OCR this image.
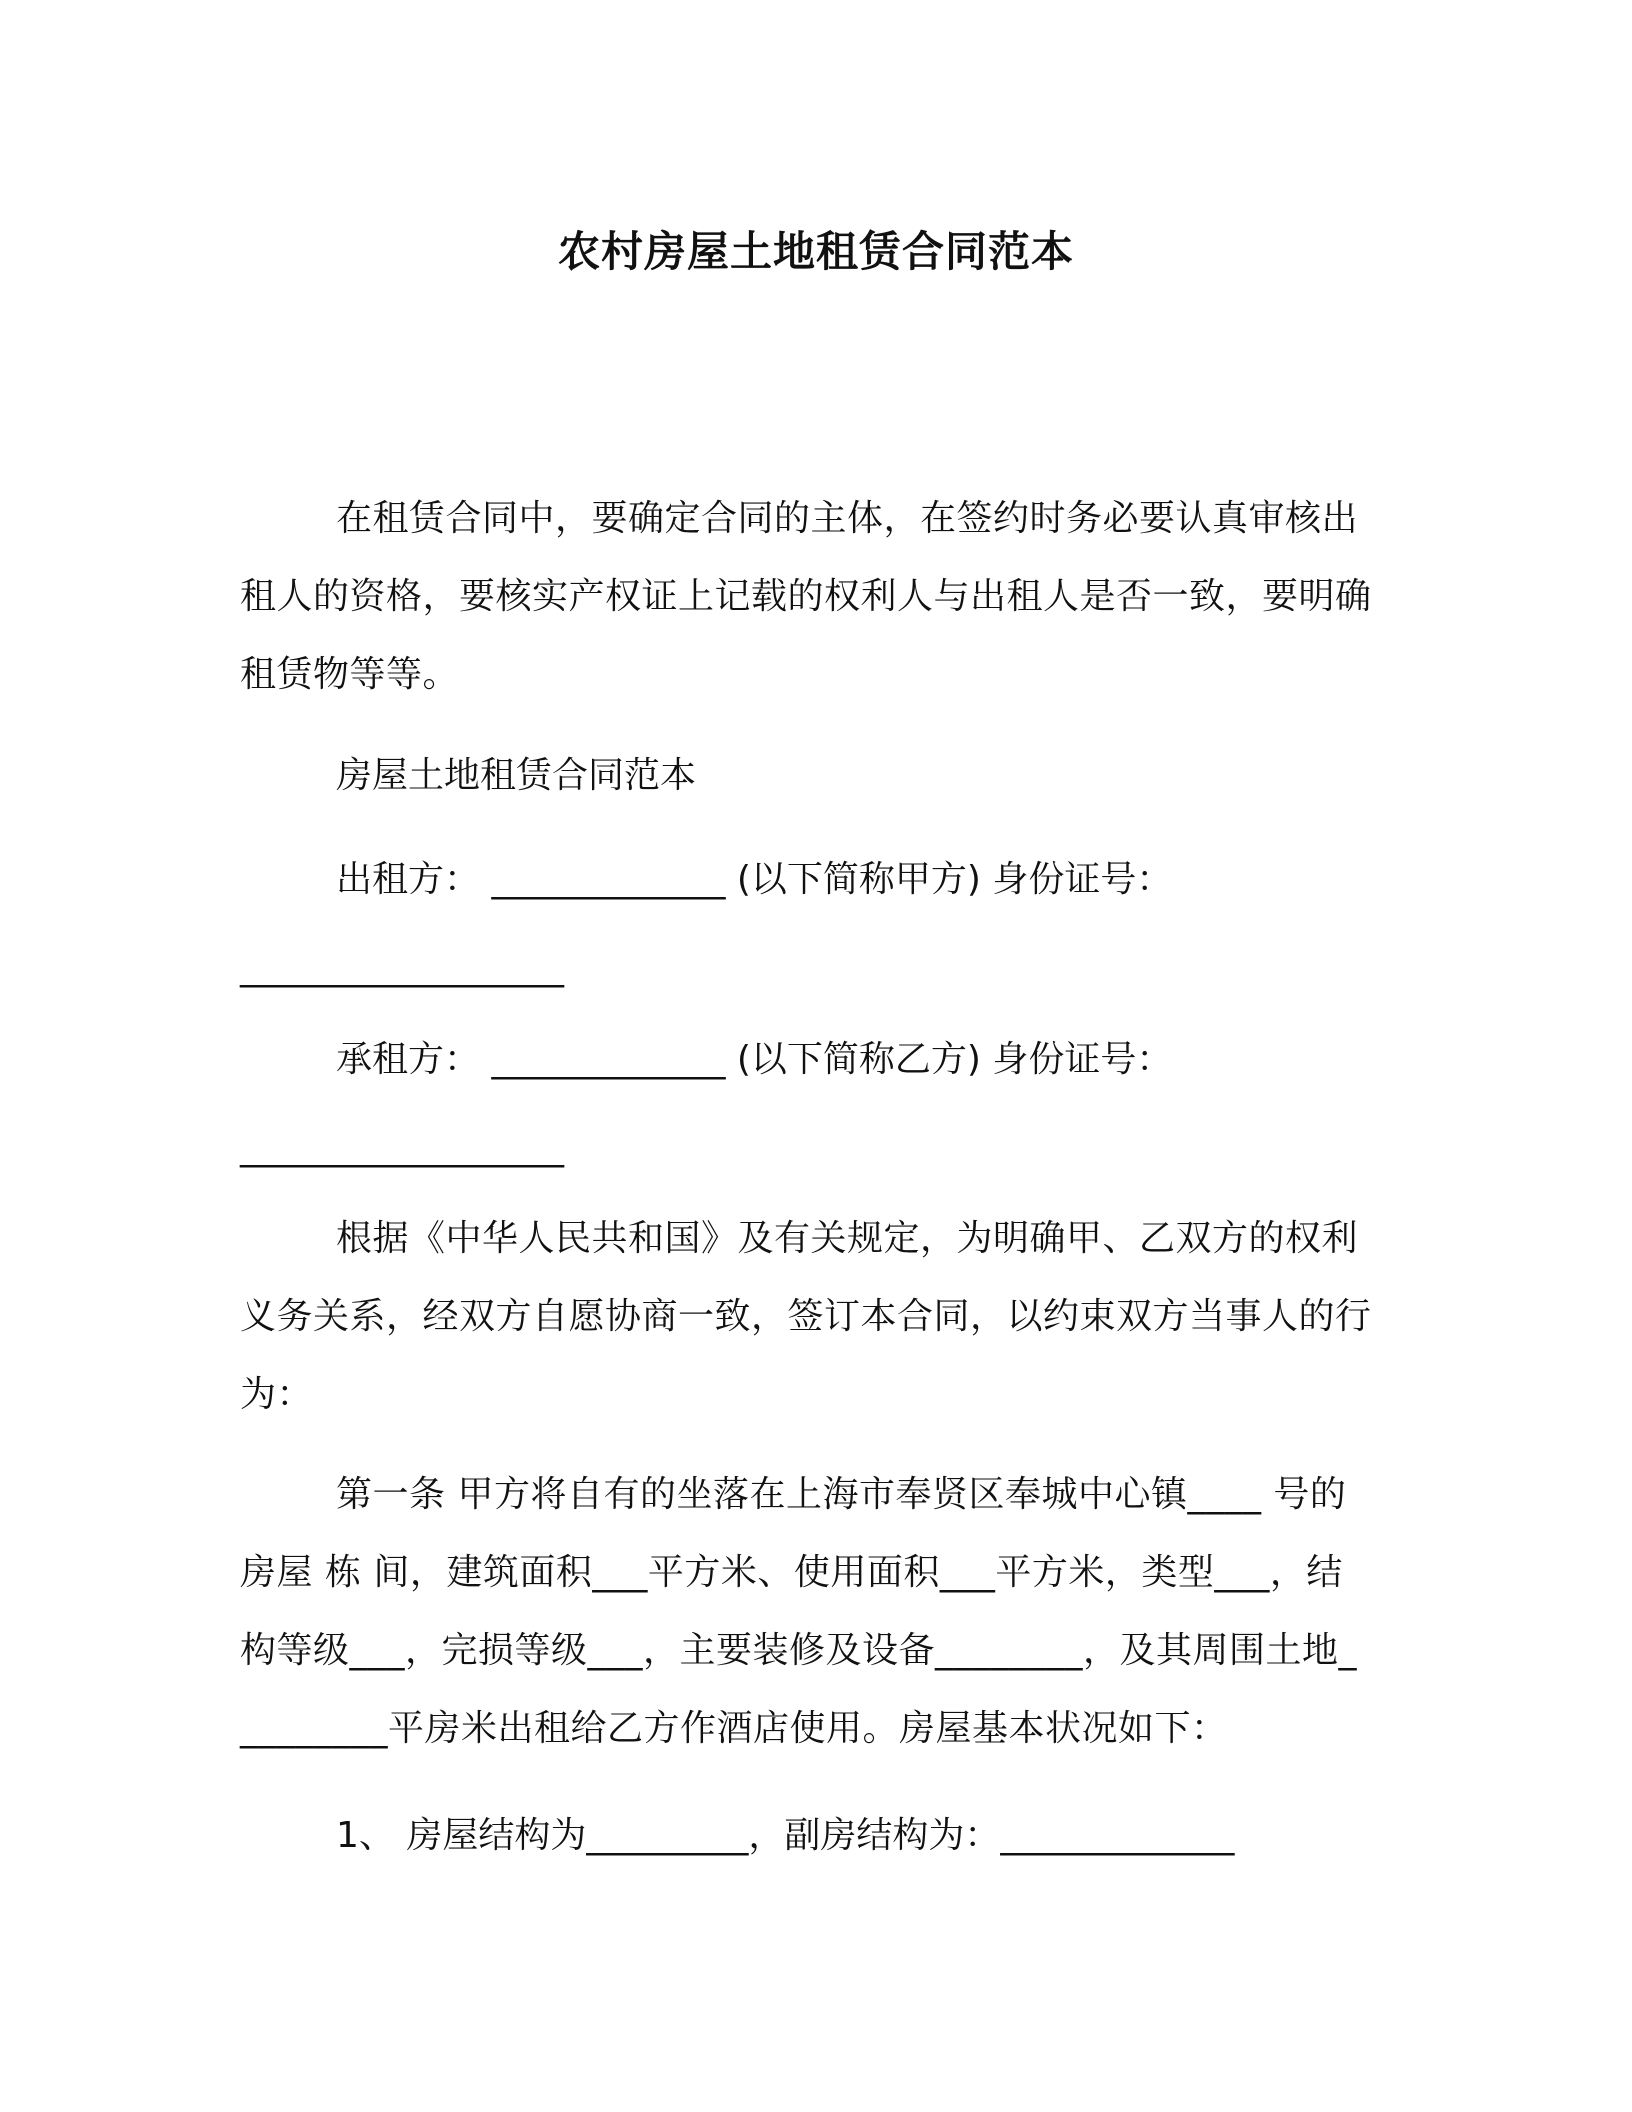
农村房屋土地租赁合同范本

在租赁合同中，要确定合同的主体，在签约时务必要认真审核出租人的资格，要核实产权证上记载的权利人与出租人是否一致，要明确租赁物等等。

房屋土地租赁合同范本

出租方： _____________ (以下简称甲方) 身份证号：

__________________

承租方： _____________ (以下简称乙方) 身份证号：

__________________

根据《中华人民共和国》及有关规定，为明确甲、乙双方的权利义务关系，经双方自愿协商一致，签订本合同，以约束双方当事人的行为：

第一条 甲方将自有的坐落在上海市奉贤区奉城中心镇____ 号的房屋 栋 间，建筑面积___平方米、使用面积___平方米，类型___，结构等级___，完损等级___，主要装修及设备________，及其周围土地_________平房米出租给乙方作酒店使用。房屋基本状况如下：

1、 房屋结构为_________，副房结构为：_____________
